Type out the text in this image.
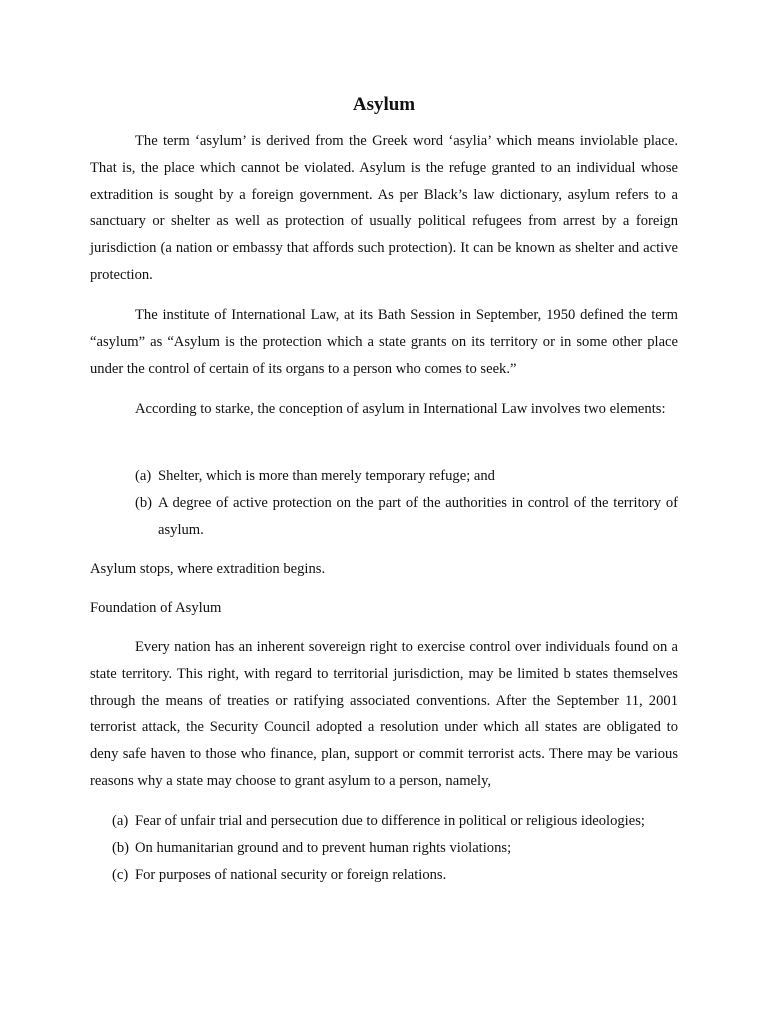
Asylum

The term ‘asylum’ is derived from the Greek word ‘asylia’ which means inviolable place. That is, the place which cannot be violated. Asylum is the refuge granted to an individual whose extradition is sought by a foreign government. As per Black’s law dictionary, asylum refers to a sanctuary or shelter as well as protection of usually political refugees from arrest by a foreign jurisdiction (a nation or embassy that affords such protection). It can be known as shelter and active protection.

The institute of International Law, at its Bath Session in September, 1950 defined the term “asylum” as “Asylum is the protection which a state grants on its territory or in some other place under the control of certain of its organs to a person who comes to seek.”

According to starke, the conception of asylum in International Law involves two elements:

(a) Shelter, which is more than merely temporary refuge; and
(b) A degree of active protection on the part of the authorities in control of the territory of asylum.

Asylum stops, where extradition begins.

Foundation of Asylum

Every nation has an inherent sovereign right to exercise control over individuals found on a state territory. This right, with regard to territorial jurisdiction, may be limited b states themselves through the means of treaties or ratifying associated conventions. After the September 11, 2001 terrorist attack, the Security Council adopted a resolution under which all states are obligated to deny safe haven to those who finance, plan, support or commit terrorist acts. There may be various reasons why a state may choose to grant asylum to a person, namely,

(a) Fear of unfair trial and persecution due to difference in political or religious ideologies;
(b) On humanitarian ground and to prevent human rights violations;
(c) For purposes of national security or foreign relations.
